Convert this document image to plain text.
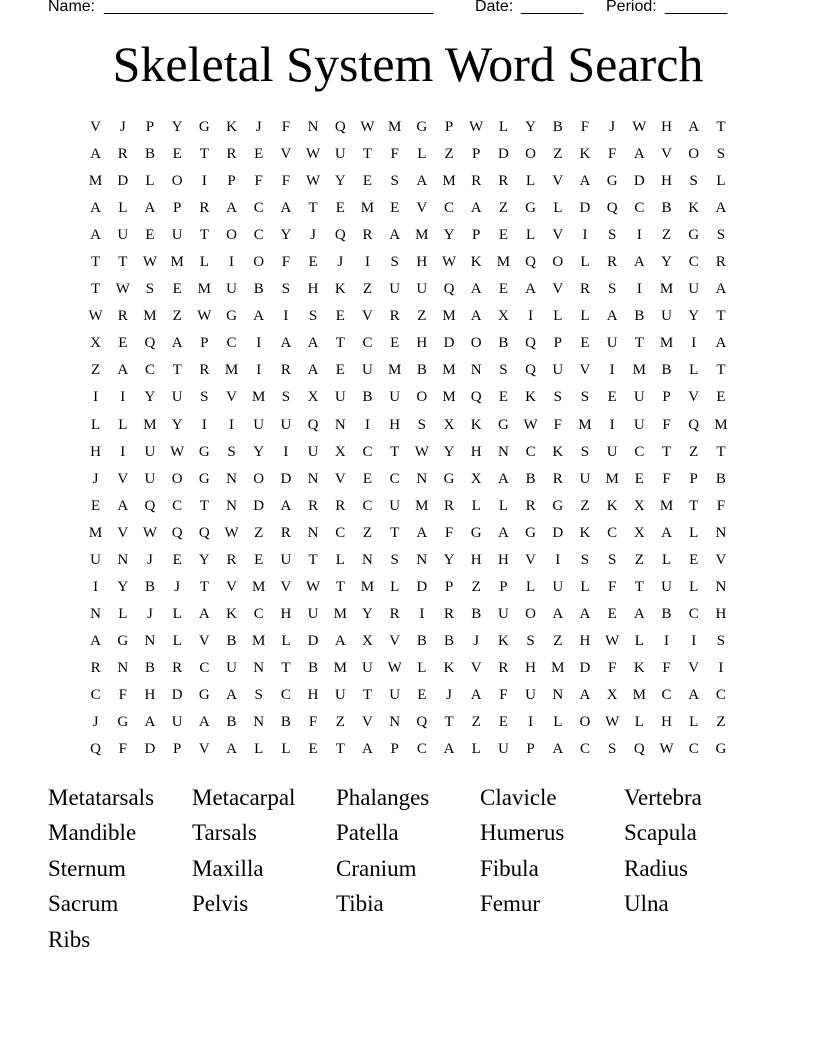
Name:

_____________________________________

	Date:

_______

Period:

_______

Skeletal System Word Search
V	J	P	Y	G	K	J	F	N	Q W M	G	P	W	L	Y	B	F	J	W H	A	T
A	R	B	E	T	R	E	V W U	T	F	L	Z	P	D	O	Z	K	F	A	V	O	S
M	D	L	O	I	P	F	F	W Y	E	S	A	M	R	R	L	V	A	G	D	H	S	L
A	L	A	P	R	A	C	A	T	E	M	E	V	C	A	Z	G	L	D	Q	C	B	K	A
A	U	E	U	T	O	C	Y	J	Q	R	A	M	Y	P	E	L	V	I	S	I	Z	G	S
T	T	W M	L	I	O	F	E	J	I	S	H W K	M	Q	O	L	R	A	Y	C	R
T	W	S	E	M	U	B	S	H	K	Z	U	U	Q	A	E	A	V	R	S	I	M	U	A
W	R	M	Z	W G	A	I	S	E	V	R	Z	M	A	X	I	L	L	A	B	U	Y	T
X	E	Q	A	P	C	I	A	A	T	C	E	H	D	O	B	Q	P	E	U	T	M	I	A
Z	A	C	T	R	M	I	R	A	E	U	M	B	M	N	S	Q	U	V	I	M	B	L	T
I	I	Y	U	S	V	M	S	X	U	B	U	O	M	Q	E	K	S	S	E	U	P	V	E
L	L	M	Y	I	I	U	U	Q	N	I	H	S	X	K	G W	F	M	I	U	F	Q	M
H	I	U W G	S	Y	I	U	X	C	T	W Y	H	N	C	K	S	U	C	T	Z	T
J	V	U	O	G	N	O	D	N	V	E	C	N	G	X	A	B	R	U	M	E	F	P	B
E	A	Q	C	T	N	D	A	R	R	C	U	M	R	L	L	R	G	Z	K	X	M	T	F
M	V W Q	Q W	Z	R	N	C	Z	T	A	F	G	A	G	D	K	C	X	A	L	N
U	N	J	E	Y	R	E	U	T	L	N	S	N	Y	H	H	V	I	S	S	Z	L	E	V
I	Y	B	J	T	V	M	V W	T	M	L	D	P	Z	P	L	U	L	F	T	U	L	N
N	L	J	L	A	K	C	H	U	M	Y	R	I	R	B	U	O	A	A	E	A	B	C	H
A	G	N	L	V	B	M	L	D	A	X	V	B	B	J	K	S	Z	H W	L	I	I	S
R	N	B	R	C	U	N	T	B	M	U W	L	K	V	R	H	M	D	F	K	F	V	I
C	F	H	D	G	A	S	C	H	U	T	U	E	J	A	F	U	N	A	X	M	C	A	C
J	G	A	U	A	B	N	B	F	Z	V	N	Q	T	Z	E	I	L	O W	L	H	L	Z
Q	F	D	P	V	A	L	L	E	T	A	P	C	A	L	U	P	A	C	S	Q W	C	G
Metatarsals	Metacarpal	Phalanges	Clavicle	Vertebra
Mandible	Tarsals	Patella	Humerus	Scapula
Sternum	Maxilla	Cranium	Fibula	Radius
Sacrum	Pelvis	Tibia	Femur	Ulna
Ribs
